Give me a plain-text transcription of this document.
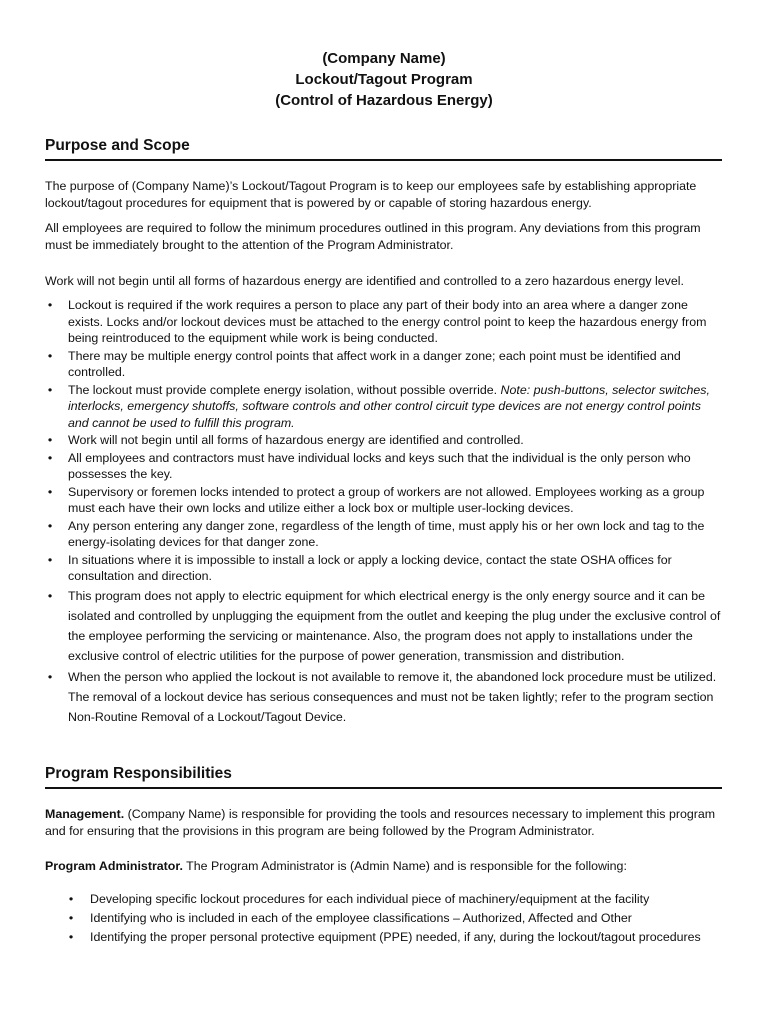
(Company Name)
Lockout/Tagout Program
(Control of Hazardous Energy)
Purpose and Scope

The purpose of (Company Name)’s Lockout/Tagout Program is to keep our employees safe by establishing appropriate lockout/tagout procedures for equipment that is powered by or capable of storing hazardous energy.

All employees are required to follow the minimum procedures outlined in this program. Any deviations from this program must be immediately brought to the attention of the Program Administrator.

Work will not begin until all forms of hazardous energy are identified and controlled to a zero hazardous energy level.

• Lockout is required if the work requires a person to place any part of their body into an area where a danger zone exists. Locks and/or lockout devices must be attached to the energy control point to keep the hazardous energy from being reintroduced to the equipment while work is being conducted.
• There may be multiple energy control points that affect work in a danger zone; each point must be identified and controlled.
• The lockout must provide complete energy isolation, without possible override. Note: push-buttons, selector switches, interlocks, emergency shutoffs, software controls and other control circuit type devices are not energy control points and cannot be used to fulfill this program.
• Work will not begin until all forms of hazardous energy are identified and controlled.
• All employees and contractors must have individual locks and keys such that the individual is the only person who possesses the key.
• Supervisory or foremen locks intended to protect a group of workers are not allowed. Employees working as a group must each have their own locks and utilize either a lock box or multiple user-locking devices.
• Any person entering any danger zone, regardless of the length of time, must apply his or her own lock and tag to the energy-isolating devices for that danger zone.
• In situations where it is impossible to install a lock or apply a locking device, contact the state OSHA offices for consultation and direction.
• This program does not apply to electric equipment for which electrical energy is the only energy source and it can be isolated and controlled by unplugging the equipment from the outlet and keeping the plug under the exclusive control of the employee performing the servicing or maintenance. Also, the program does not apply to installations under the exclusive control of electric utilities for the purpose of power generation, transmission and distribution.
• When the person who applied the lockout is not available to remove it, the abandoned lock procedure must be utilized. The removal of a lockout device has serious consequences and must not be taken lightly; refer to the program section Non-Routine Removal of a Lockout/Tagout Device.
Program Responsibilities

Management. (Company Name) is responsible for providing the tools and resources necessary to implement this program and for ensuring that the provisions in this program are being followed by the Program Administrator.

Program Administrator. The Program Administrator is (Admin Name) and is responsible for the following:

• Developing specific lockout procedures for each individual piece of machinery/equipment at the facility
• Identifying who is included in each of the employee classifications – Authorized, Affected and Other
• Identifying the proper personal protective equipment (PPE) needed, if any, during the lockout/tagout procedures
